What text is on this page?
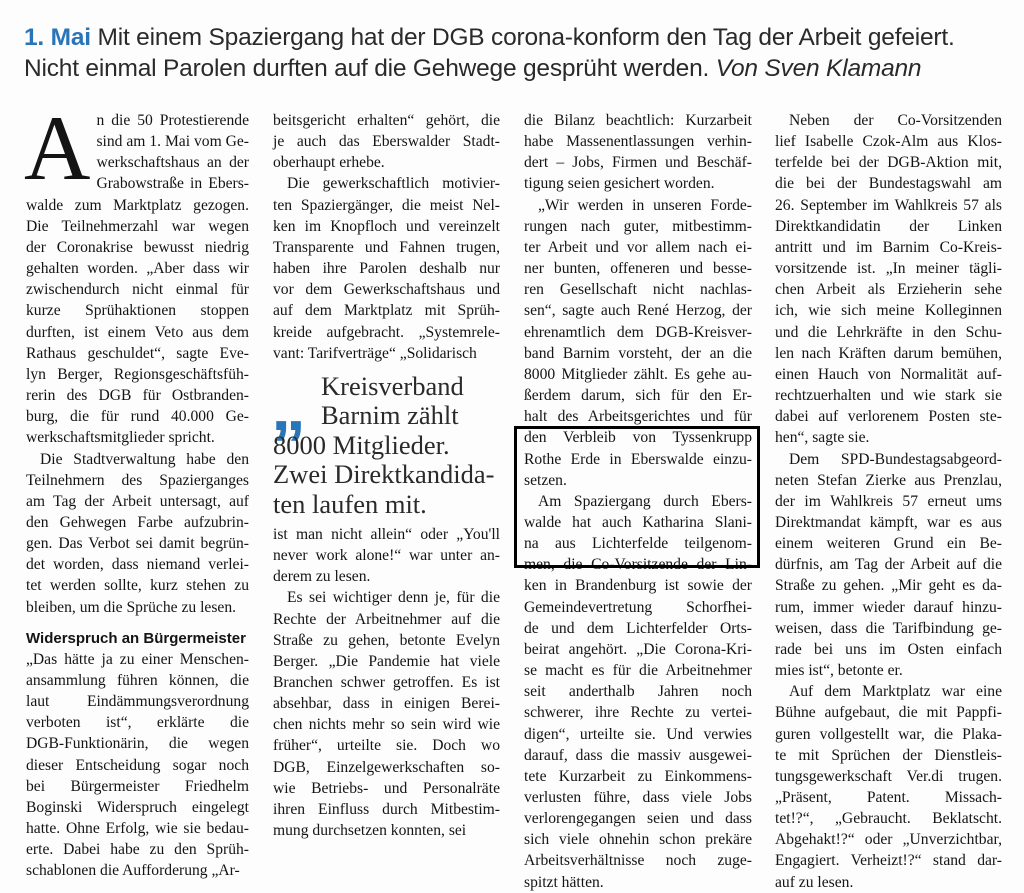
1. Mai Mit einem Spaziergang hat der DGB corona-konform den Tag der Arbeit gefeiert. Nicht einmal Parolen durften auf die Gehwege gesprüht werden. Von Sven Klamann
A n die 50 Protestierende
sind am 1. Mai vom Ge-
werkschaftshaus an der
Grabowstraße in Ebers-
walde zum Marktplatz gezogen.
Die Teilnehmerzahl war wegen
der Coronakrise bewusst niedrig
gehalten worden. „Aber dass wir
zwischendurch nicht einmal für
kurze Sprühaktionen stoppen
durften, ist einem Veto aus dem
Rathaus geschuldet“, sagte Eve-
lyn Berger, Regionsgeschäftsfüh-
rerin des DGB für Ostbranden-
burg, die für rund 40.000 Ge-
werkschaftsmitglieder spricht.
Die Stadtverwaltung habe den
Teilnehmern des Spazierganges
am Tag der Arbeit untersagt, auf
den Gehwegen Farbe aufzubrin-
gen. Das Verbot sei damit begrün-
det worden, dass niemand verlei-
tet werden sollte, kurz stehen zu
bleiben, um die Sprüche zu lesen.
Widerspruch an Bürgermeister
„Das hätte ja zu einer Menschen-
ansammlung führen können, die
laut Eindämmungsverordnung
verboten ist“, erklärte die
DGB-Funktionärin, die wegen
dieser Entscheidung sogar noch
bei Bürgermeister Friedhelm
Boginski Widerspruch eingelegt
hatte. Ohne Erfolg, wie sie bedau-
erte. Dabei habe zu den Sprüh-
schablonen die Aufforderung „Ar-
beitsgericht erhalten“ gehört, die
je auch das Eberswalder Stadt-
oberhaupt erhebe.
Die gewerkschaftlich motivier-
ten Spaziergänger, die meist Nel-
ken im Knopfloch und vereinzelt
Transparente und Fahnen trugen,
haben ihre Parolen deshalb nur
vor dem Gewerkschaftshaus und
auf dem Marktplatz mit Sprüh-
kreide aufgebracht. „Systemrele-
vant: Tarifverträge“ „Solidarisch
„ Kreisverband
Barnim zählt
8000 Mitglieder.
Zwei Direktkandida-
ten laufen mit.
ist man nicht allein“ oder „You'll
never work alone!“ war unter an-
derem zu lesen.
Es sei wichtiger denn je, für die
Rechte der Arbeitnehmer auf die
Straße zu gehen, betonte Evelyn
Berger. „Die Pandemie hat viele
Branchen schwer getroffen. Es ist
absehbar, dass in einigen Berei-
chen nichts mehr so sein wird wie
früher“, urteilte sie. Doch wo
DGB, Einzelgewerkschaften so-
wie Betriebs- und Personalräte
ihren Einfluss durch Mitbestim-
mung durchsetzen konnten, sei
die Bilanz beachtlich: Kurzarbeit
habe Massenentlassungen verhin-
dert – Jobs, Firmen und Beschäf-
tigung seien gesichert worden.
„Wir werden in unseren Forde-
rungen nach guter, mitbestimm-
ter Arbeit und vor allem nach ei-
ner bunten, offeneren und besse-
ren Gesellschaft nicht nachlas-
sen“, sagte auch René Herzog, der
ehrenamtlich dem DGB-Kreisver-
band Barnim vorsteht, der an die
8000 Mitglieder zählt. Es gehe au-
ßerdem darum, sich für den Er-
halt des Arbeitsgerichtes und für
den Verbleib von Tyssenkrupp
Rothe Erde in Eberswalde einzu-
setzen.
Am Spaziergang durch Ebers-
walde hat auch Katharina Slani-
na aus Lichterfelde teilgenom-
men, die Co-Vorsitzende der Lin-
ken in Brandenburg ist sowie der
Gemeindevertretung Schorfhei-
de und dem Lichterfelder Orts-
beirat angehört. „Die Corona-Kri-
se macht es für die Arbeitnehmer
seit anderthalb Jahren noch
schwerer, ihre Rechte zu vertei-
digen“, urteilte sie. Und verwies
darauf, dass die massiv ausgewei-
tete Kurzarbeit zu Einkommens-
verlusten führe, dass viele Jobs
verlorengegangen seien und dass
sich viele ohnehin schon prekäre
Arbeitsverhältnisse noch zuge-
spitzt hätten.
Neben der Co-Vorsitzenden
lief Isabelle Czok-Alm aus Klos-
terfelde bei der DGB-Aktion mit,
die bei der Bundestagswahl am
26. September im Wahlkreis 57 als
Direktkandidatin der Linken
antritt und im Barnim Co-Kreis-
vorsitzende ist. „In meiner tägli-
chen Arbeit als Erzieherin sehe
ich, wie sich meine Kolleginnen
und die Lehrkräfte in den Schu-
len nach Kräften darum bemühen,
einen Hauch von Normalität auf-
rechtzuerhalten und wie stark sie
dabei auf verlorenem Posten ste-
hen“, sagte sie.
Dem SPD-Bundestagsabgeord-
neten Stefan Zierke aus Prenzlau,
der im Wahlkreis 57 erneut ums
Direktmandat kämpft, war es aus
einem weiteren Grund ein Be-
dürfnis, am Tag der Arbeit auf die
Straße zu gehen. „Mir geht es da-
rum, immer wieder darauf hinzu-
weisen, dass die Tarifbindung ge-
rade bei uns im Osten einfach
mies ist“, betonte er.
Auf dem Marktplatz war eine
Bühne aufgebaut, die mit Pappfi-
guren vollgestellt war, die Plaka-
te mit Sprüchen der Dienstleis-
tungsgewerkschaft Ver.di trugen.
„Präsent, Patent. Missach-
tet!?“, „Gebraucht. Beklatscht.
Abgehakt!?“ oder „Unverzichtbar,
Engagiert. Verheizt!?“ stand dar-
auf zu lesen.
